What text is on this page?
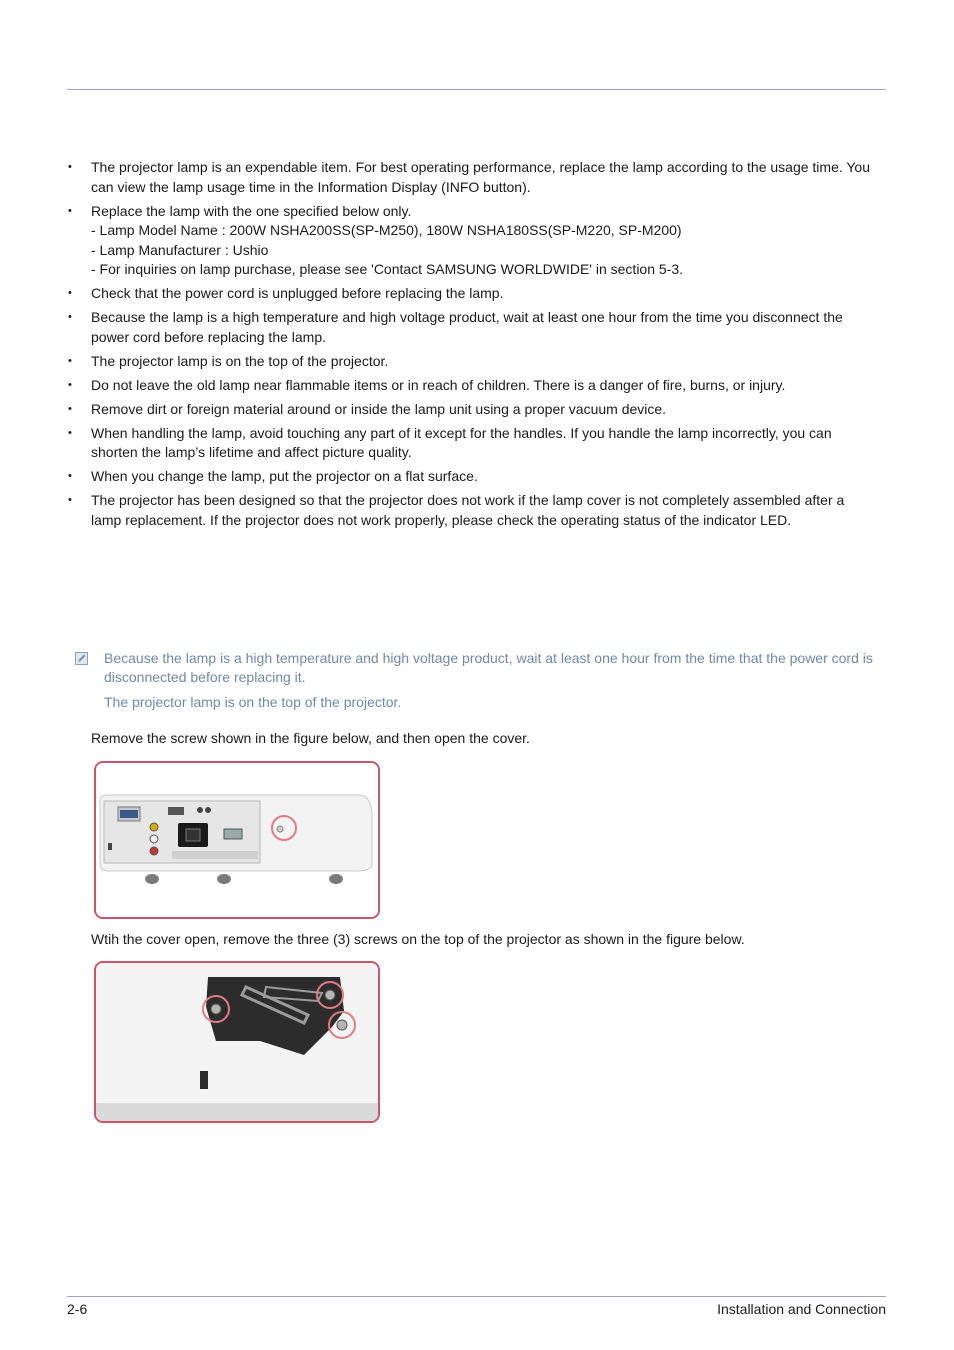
• The projector lamp is an expendable item. For best operating performance, replace the lamp according to the usage time. You can view the lamp usage time in the Information Display (INFO button).
• Replace the lamp with the one specified below only.
- Lamp Model Name : 200W NSHA200SS(SP-M250), 180W NSHA180SS(SP-M220, SP-M200)
- Lamp Manufacturer : Ushio
- For inquiries on lamp purchase, please see 'Contact SAMSUNG WORLDWIDE' in section 5-3.
• Check that the power cord is unplugged before replacing the lamp.
• Because the lamp is a high temperature and high voltage product, wait at least one hour from the time you disconnect the power cord before replacing the lamp.
• The projector lamp is on the top of the projector.
• Do not leave the old lamp near flammable items or in reach of children. There is a danger of fire, burns, or injury.
• Remove dirt or foreign material around or inside the lamp unit using a proper vacuum device.
• When handling the lamp, avoid touching any part of it except for the handles. If you handle the lamp incorrectly, you can shorten the lamp’s lifetime and affect picture quality.
• When you change the lamp, put the projector on a flat surface.
• The projector has been designed so that the projector does not work if the lamp cover is not completely assembled after a lamp replacement. If the projector does not work properly, please check the operating status of the indicator LED.

Because the lamp is a high temperature and high voltage product, wait at least one hour from the time that the power cord is disconnected before replacing it.

The projector lamp is on the top of the projector.

Remove the screw shown in the figure below, and then open the cover.
Wtih the cover open, remove the three (3) screws on the top of the projector as shown in the figure below.
2-6	Installation and Connection
